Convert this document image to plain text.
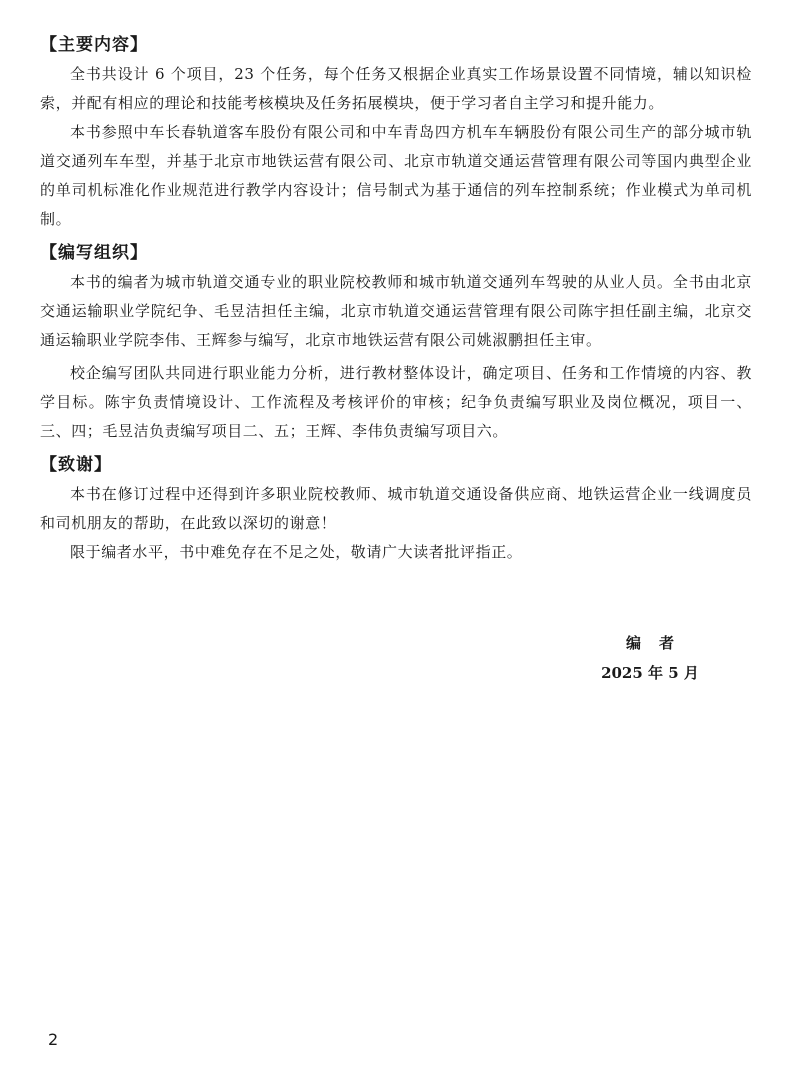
【主要内容】

全书共设计 6 个项目，23 个任务，每个任务又根据企业真实工作场景设置不同情境，辅以知识检索，并配有相应的理论和技能考核模块及任务拓展模块，便于学习者自主学习和提升能力。

本书参照中车长春轨道客车股份有限公司和中车青岛四方机车车辆股份有限公司生产的部分城市轨道交通列车车型，并基于北京市地铁运营有限公司、北京市轨道交通运营管理有限公司等国内典型企业的单司机标准化作业规范进行教学内容设计；信号制式为基于通信的列车控制系统；作业模式为单司机制。

【编写组织】

本书的编者为城市轨道交通专业的职业院校教师和城市轨道交通列车驾驶的从业人员。全书由北京交通运输职业学院纪争、毛昱洁担任主编，北京市轨道交通运营管理有限公司陈宇担任副主编，北京交通运输职业学院李伟、王辉参与编写，北京市地铁运营有限公司姚淑鹏担任主审。

校企编写团队共同进行职业能力分析，进行教材整体设计，确定项目、任务和工作情境的内容、教学目标。陈宇负责情境设计、工作流程及考核评价的审核；纪争负责编写职业及岗位概况，项目一、三、四；毛昱洁负责编写项目二、五；王辉、李伟负责编写项目六。

【致谢】

本书在修订过程中还得到许多职业院校教师、城市轨道交通设备供应商、地铁运营企业一线调度员和司机朋友的帮助，在此致以深切的谢意！

限于编者水平，书中难免存在不足之处，敬请广大读者批评指正。

编者
2025 年 5 月
2
